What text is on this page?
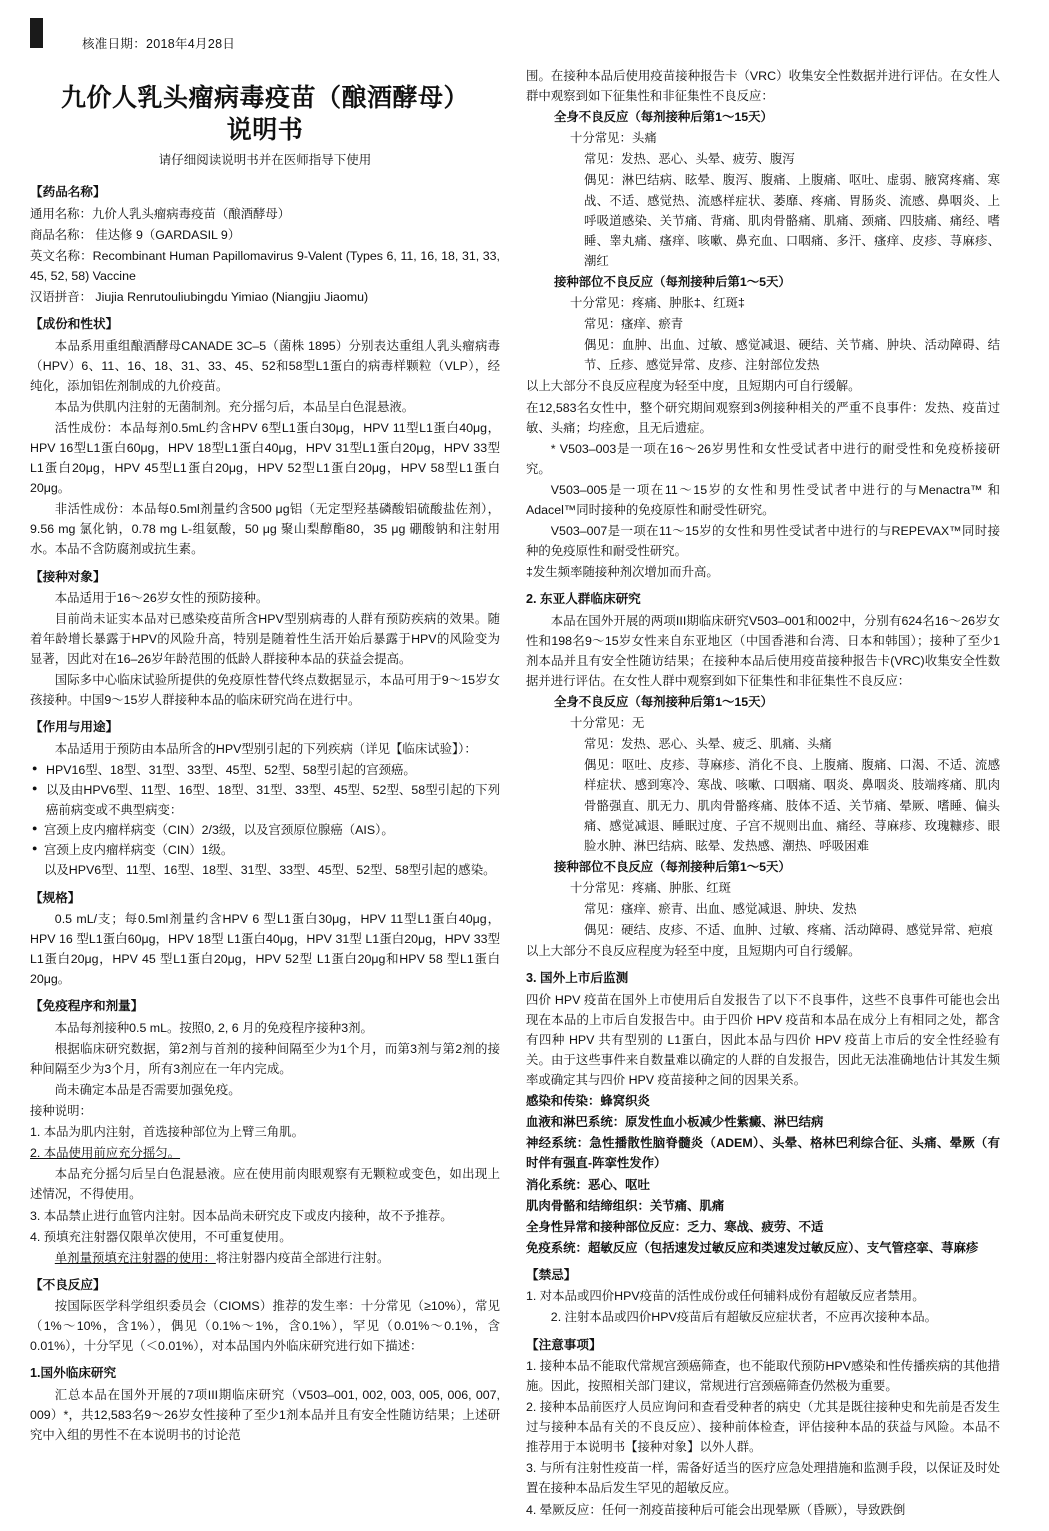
核准日期：2018年4月28日
九价人乳头瘤病毒疫苗（酿酒酵母）
说明书
请仔细阅读说明书并在医师指导下使用
【药品名称】

通用名称：九价人乳头瘤病毒疫苗（酿酒酵母）

商品名称： 佳达修 9（GARDASIL 9）

英文名称：Recombinant Human Papillomavirus 9-Valent (Types 6, 11, 16, 18, 31, 33, 45, 52, 58) Vaccine

汉语拼音： Jiujia Renrutouliubingdu Yimiao (Niangjiu Jiaomu)

【成份和性状】

本品系用重组酿酒酵母CANADE 3C–5（菌株 1895）分别表达重组人乳头瘤病毒（HPV）6、11、16、18、31、33、45、52和58型L1蛋白的病毒样颗粒（VLP），经纯化，添加铝佐剂制成的九价疫苗。

本品为供肌内注射的无菌制剂。充分摇匀后，本品呈白色混悬液。

活性成份：本品每剂0.5mL约含HPV 6型L1蛋白30μg，HPV 11型L1蛋白40μg，HPV 16型L1蛋白60μg，HPV 18型L1蛋白40μg，HPV 31型L1蛋白20μg，HPV 33型L1蛋白20μg，HPV 45型L1蛋白20μg，HPV 52型L1蛋白20μg，HPV 58型L1蛋白20μg。

非活性成份：本品每0.5ml剂量约含500 μg铝（无定型羟基磷酸铝硫酸盐佐剂），9.56 mg 氯化钠，0.78 mg L-组氨酸，50 μg 聚山梨醇酯80，35 μg 硼酸钠和注射用水。本品不含防腐剂或抗生素。

【接种对象】

本品适用于16～26岁女性的预防接种。

目前尚未证实本品对已感染疫苗所含HPV型别病毒的人群有预防疾病的效果。随着年龄增长暴露于HPV的风险升高，特别是随着性生活开始后暴露于HPV的风险变为显著，因此对在16–26岁年龄范围的低龄人群接种本品的获益会提高。

国际多中心临床试验所提供的免疫原性替代终点数据显示，本品可用于9～15岁女孩接种。中国9～15岁人群接种本品的临床研究尚在进行中。

【作用与用途】

本品适用于预防由本品所含的HPV型别引起的下列疾病（详见【临床试验】）：

● HPV16型、18型、31型、33型、45型、52型、58型引起的宫颈癌。

● 以及由HPV6型、11型、16型、18型、31型、33型、45型、52型、58型引起的下列癌前病变或不典型病变：

● 宫颈上皮内瘤样病变（CIN）2/3级，以及宫颈原位腺癌（AIS）。

● 宫颈上皮内瘤样病变（CIN）1级。

以及HPV6型、11型、16型、18型、31型、33型、45型、52型、58型引起的感染。

【规格】

0.5 mL/支；每0.5ml剂量约含HPV 6 型L1蛋白30μg，HPV 11型L1蛋白40μg，HPV 16 型L1蛋白60μg，HPV 18型 L1蛋白40μg，HPV 31型 L1蛋白20μg，HPV 33型 L1蛋白20μg，HPV 45 型L1蛋白20μg，HPV 52型 L1蛋白20μg和HPV 58 型L1蛋白20μg。

【免疫程序和剂量】

本品每剂接种0.5 mL。按照0, 2, 6 月的免疫程序接种3剂。

根据临床研究数据，第2剂与首剂的接种间隔至少为1个月，而第3剂与第2剂的接种间隔至少为3个月，所有3剂应在一年内完成。

尚未确定本品是否需要加强免疫。

接种说明：

1. 本品为肌内注射，首选接种部位为上臂三角肌。

2. 本品使用前应充分摇匀。

本品充分摇匀后呈白色混悬液。应在使用前肉眼观察有无颗粒或变色，如出现上述情况，不得使用。

3. 本品禁止进行血管内注射。因本品尚未研究皮下或皮内接种，故不予推荐。

4. 预填充注射器仅限单次使用，不可重复使用。

单剂量预填充注射器的使用：将注射器内疫苗全部进行注射。

【不良反应】

按国际医学科学组织委员会（CIOMS）推荐的发生率：十分常见（≥10%），常见（1%～10%，含1%），偶见（0.1%～1%，含0.1%），罕见（0.01%～0.1%，含0.01%），十分罕见（＜0.01%），对本品国内外临床研究进行如下描述：

1.国外临床研究

汇总本品在国外开展的7项III期临床研究（V503–001, 002, 003, 005, 006, 007, 009）*，共12,583名9～26岁女性接种了至少1剂本品并且有安全性随访结果；上述研究中入组的男性不在本说明书的讨论范

围。在接种本品后使用疫苗接种报告卡（VRC）收集安全性数据并进行评估。在女性人群中观察到如下征集性和非征集性不良反应：

全身不良反应（每剂接种后第1～15天）

十分常见：头痛

常见：发热、恶心、头晕、疲劳、腹泻

偶见：淋巴结病、眩晕、腹泻、腹痛、上腹痛、呕吐、虚弱、腋窝疼痛、寒战、不适、感觉热、流感样症状、萎靡、疼痛、胃肠炎、流感、鼻咽炎、上呼吸道感染、关节痛、背痛、肌肉骨骼痛、肌痛、颈痛、四肢痛、痛经、嗜睡、睾丸痛、瘙痒、咳嗽、鼻充血、口咽痛、多汗、瘙痒、皮疹、荨麻疹、潮红

接种部位不良反应（每剂接种后第1～5天）

十分常见：疼痛、肿胀‡、红斑‡

常见：瘙痒、瘀青

偶见：血肿、出血、过敏、感觉减退、硬结、关节痛、肿块、活动障碍、结节、丘疹、感觉异常、皮疹、注射部位发热

以上大部分不良反应程度为轻至中度，且短期内可自行缓解。

在12,583名女性中，整个研究期间观察到3例接种相关的严重不良事件：发热、疫苗过敏、头痛；均痊愈，且无后遗症。

* V503–003是一项在16～26岁男性和女性受试者中进行的耐受性和免疫桥接研究。

V503–005是一项在11～15岁的女性和男性受试者中进行的与Menactra™ 和 Adacel™同时接种的免疫原性和耐受性研究。

V503–007是一项在11～15岁的女性和男性受试者中进行的与REPEVAX™同时接种的免疫原性和耐受性研究。

‡发生频率随接种剂次增加而升高。

2. 东亚人群临床研究

本品在国外开展的两项III期临床研究V503–001和002中，分别有624名16～26岁女性和198名9～15岁女性来自东亚地区（中国香港和台湾、日本和韩国）；接种了至少1剂本品并且有安全性随访结果；在接种本品后使用疫苗接种报告卡(VRC)收集安全性数据并进行评估。在女性人群中观察到如下征集性和非征集性不良反应：

全身不良反应（每剂接种后第1～15天）

十分常见：无

常见：发热、恶心、头晕、疲乏、肌痛、头痛

偶见：呕吐、皮疹、荨麻疹、消化不良、上腹痛、腹痛、口渴、不适、流感样症状、感到寒冷、寒战、咳嗽、口咽痛、咽炎、鼻咽炎、肢端疼痛、肌肉骨骼强直、肌无力、肌肉骨骼疼痛、肢体不适、关节痛、晕厥、嗜睡、偏头痛、感觉减退、睡眠过度、子宫不规则出血、痛经、荨麻疹、玫瑰糠疹、眼脸水肿、淋巴结病、眩晕、发热感、潮热、呼吸困难

接种部位不良反应（每剂接种后第1～5天）

十分常见：疼痛、肿胀、红斑

常见：瘙痒、瘀青、出血、感觉减退、肿块、发热

偶见：硬结、皮疹、不适、血肿、过敏、疼痛、活动障碍、感觉异常、疤痕

以上大部分不良反应程度为轻至中度，且短期内可自行缓解。

3. 国外上市后监测

四价 HPV 疫苗在国外上市使用后自发报告了以下不良事件，这些不良事件可能也会出现在本品的上市后自发报告中。由于四价 HPV 疫苗和本品在成分上有相同之处，都含有四种 HPV 共有型别的 L1蛋白，因此本品与四价 HPV 疫苗上市后的安全性经验有关。由于这些事件来自数量难以确定的人群的自发报告，因此无法准确地估计其发生频率或确定其与四价 HPV 疫苗接种之间的因果关系。

感染和传染：蜂窝织炎

血液和淋巴系统：原发性血小板减少性紫癜、淋巴结病

神经系统：急性播散性脑脊髓炎（ADEM）、头晕、格林巴利综合征、头痛、晕厥（有时伴有强直-阵挛性发作）

消化系统：恶心、呕吐

肌肉骨骼和结缔组织：关节痛、肌痛

全身性异常和接种部位反应：乏力、寒战、疲劳、不适

免疫系统：超敏反应（包括速发过敏反应和类速发过敏反应）、支气管痉挛、荨麻疹

【禁忌】

1. 对本品或四价HPV疫苗的活性成份或任何辅料成份有超敏反应者禁用。

2. 注射本品或四价HPV疫苗后有超敏反应症状者，不应再次接种本品。

【注意事项】

1. 接种本品不能取代常规宫颈癌筛查，也不能取代预防HPV感染和性传播疾病的其他措施。因此，按照相关部门建议，常规进行宫颈癌筛查仍然极为重要。

2. 接种本品前医疗人员应询问和查看受种者的病史（尤其是既往接种史和先前是否发生过与接种本品有关的不良反应）、接种前体检查，评估接种本品的获益与风险。本品不推荐用于本说明书【接种对象】以外人群。

3. 与所有注射性疫苗一样，需备好适当的医疗应急处理措施和监测手段，以保证及时处置在接种本品后发生罕见的超敏反应。

4. 晕厥反应：任何一剂疫苗接种后可能会出现晕厥（昏厥），导致跌倒
